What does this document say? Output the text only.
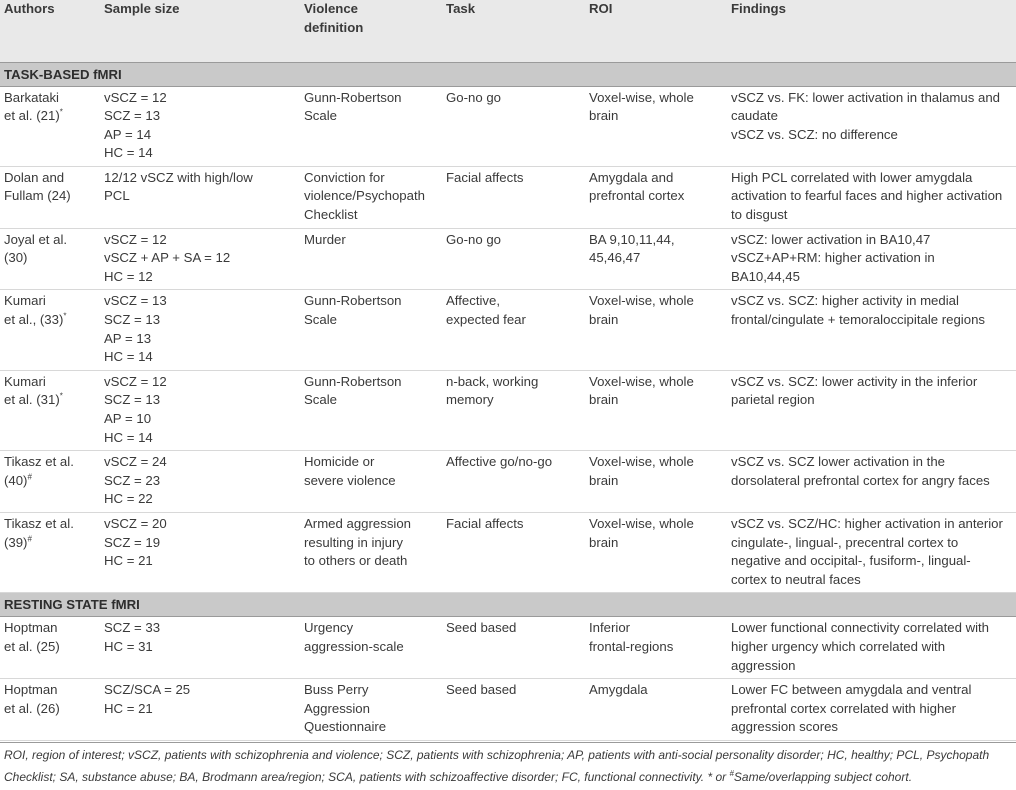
Authors	Sample size	Violence definition	Task	ROI	Findings
TASK-BASED fMRI					

Barkataki
et al. (21)*	vSCZ = 12
SCZ = 13
AP = 14
HC = 14	Gunn-Robertson
Scale	Go-no go	Voxel-wise, whole
brain	vSCZ vs. FK: lower activation in thalamus and
caudate
vSCZ vs. SCZ: no difference

Dolan and
Fullam (24)	12/12 vSCZ with high/low
PCL	Conviction for
violence/Psychopath
Checklist	Facial affects	Amygdala and
prefrontal cortex	High PCL correlated with lower amygdala
activation to fearful faces and higher activation
to disgust

Joyal et al.
(30)	vSCZ = 12
vSCZ + AP + SA = 12
HC = 12	Murder	Go-no go	BA 9,10,11,44,
45,46,47	vSCZ: lower activation in BA10,47
vSCZ+AP+RM: higher activation in
BA10,44,45

Kumari
et al., (33)*	vSCZ = 13
SCZ = 13
AP = 13
HC = 14	Gunn-Robertson
Scale	Affective,
expected fear	Voxel-wise, whole
brain	vSCZ vs. SCZ: higher activity in medial
frontal/cingulate + temoraloccipitale regions

Kumari
et al. (31)*	vSCZ = 12
SCZ = 13
AP = 10
HC = 14	Gunn-Robertson
Scale	n-back, working
memory	Voxel-wise, whole
brain	vSCZ vs. SCZ: lower activity in the inferior
parietal region

Tikasz et al.
(40)#	vSCZ = 24
SCZ = 23
HC = 22	Homicide or
severe violence	Affective go/no-go	Voxel-wise, whole
brain	vSCZ vs. SCZ lower activation in the
dorsolateral prefrontal cortex for angry faces

Tikasz et al.
(39)#	vSCZ = 20
SCZ = 19
HC = 21	Armed aggression
resulting in injury
to others or death	Facial affects	Voxel-wise, whole
brain	vSCZ vs. SCZ/HC: higher activation in anterior
cingulate-, lingual-, precentral cortex to
negative and occipital-, fusiform-, lingual-
cortex to neutral faces

RESTING STATE fMRI					

Hoptman
et al. (25)	SCZ = 33
HC = 31	Urgency
aggression-scale	Seed based	Inferior
frontal-regions	Lower functional connectivity correlated with
higher urgency which correlated with
aggression

Hoptman
et al. (26)	SCZ/SCA = 25
HC = 21	Buss Perry
Aggression
Questionnaire	Seed based	Amygdala	Lower FC between amygdala and ventral
prefrontal cortex correlated with higher
aggression scores
ROI, region of interest; vSCZ, patients with schizophrenia and violence; SCZ, patients with schizophrenia; AP, patients with anti-social personality disorder; HC, healthy; PCL, Psychopath
Checklist; SA, substance abuse; BA, Brodmann area/region; SCA, patients with schizoaffective disorder; FC, functional connectivity. * or #Same/overlapping subject cohort.
